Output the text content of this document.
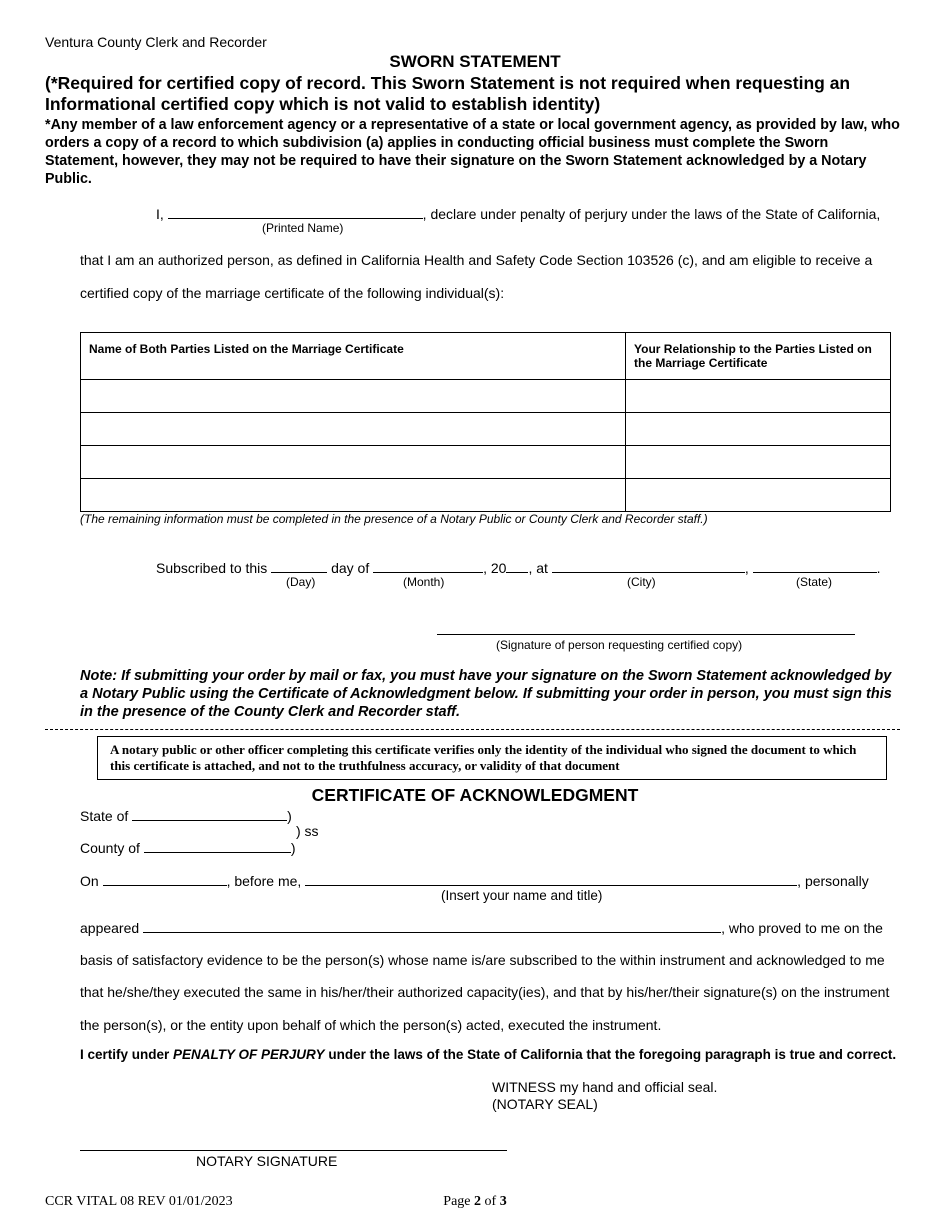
Ventura County Clerk and Recorder
SWORN STATEMENT
(*Required for certified copy of record. This Sworn Statement is not required when requesting an Informational certified copy which is not valid to establish identity)
*Any member of a law enforcement agency or a representative of a state or local government agency, as provided by law, who orders a copy of a record to which subdivision (a) applies in conducting official business must complete the Sworn Statement, however, they may not be required to have their signature on the Sworn Statement acknowledged by a Notary Public.
I,	, declare under penalty of perjury under the laws of the State of California,
(Printed Name)
that I am an authorized person, as defined in California Health and Safety Code Section 103526 (c), and am eligible to receive a
certified copy of the marriage certificate of the following individual(s):
Name of Both Parties Listed on the Marriage Certificate	Your Relationship to the Parties Listed on the Marriage Certificate

(The remaining information must be completed in the presence of a Notary Public or County Clerk and Recorder staff.)
Subscribed to this	day of	, 20 , at	,	.
(Day)	(Month)	(City)	(State)
(Signature of person requesting certified copy)
Note: If submitting your order by mail or fax, you must have your signature on the Sworn Statement acknowledged by a Notary Public using the Certificate of Acknowledgment below. If submitting your order in person, you must sign this in the presence of the County Clerk and Recorder staff.
A notary public or other officer completing this certificate verifies only the identity of the individual who signed the document to which this certificate is attached, and not to the truthfulness accuracy, or validity of that document
CERTIFICATE OF ACKNOWLEDGMENT
State of	)
) ss
County of	)
On	, before me,	, personally
(Insert your name and title)
appeared	, who proved to me on the
basis of satisfactory evidence to be the person(s) whose name is/are subscribed to the within instrument and acknowledged to me
that he/she/they executed the same in his/her/their authorized capacity(ies), and that by his/her/their signature(s) on the instrument
the person(s), or the entity upon behalf of which the person(s) acted, executed the instrument.
I certify under PENALTY OF PERJURY under the laws of the State of California that the foregoing paragraph is true and correct.
WITNESS my hand and official seal.
(NOTARY SEAL)
NOTARY SIGNATURE
CCR VITAL 08 REV 01/01/2023	Page 2 of 3
